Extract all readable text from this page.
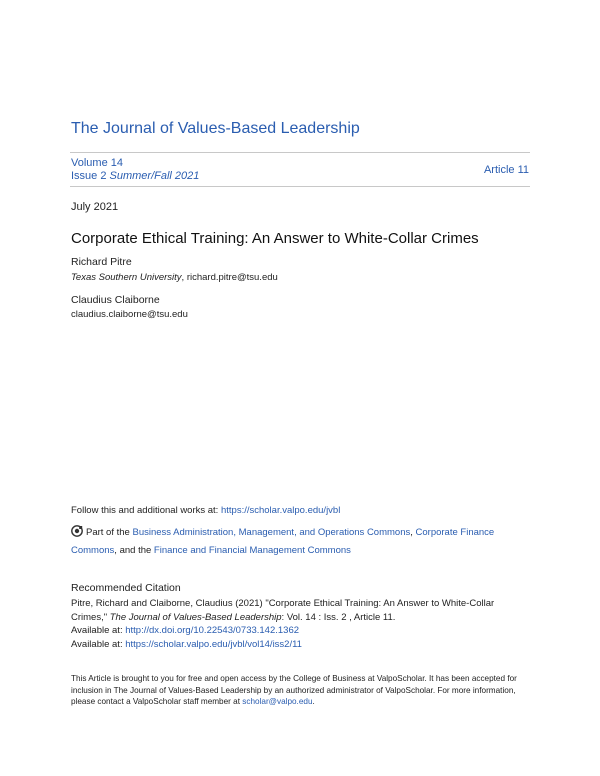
The Journal of Values-Based Leadership
Volume 14
Issue 2 Summer/Fall 2021	Article 11
July 2021
Corporate Ethical Training: An Answer to White-Collar Crimes
Richard Pitre
Texas Southern University, richard.pitre@tsu.edu
Claudius Claiborne
claudius.claiborne@tsu.edu
Follow this and additional works at: https://scholar.valpo.edu/jvbl
Part of the Business Administration, Management, and Operations Commons, Corporate Finance Commons, and the Finance and Financial Management Commons
Recommended Citation
Pitre, Richard and Claiborne, Claudius (2021) "Corporate Ethical Training: An Answer to White-Collar Crimes," The Journal of Values-Based Leadership: Vol. 14 : Iss. 2 , Article 11.
Available at: http://dx.doi.org/10.22543/0733.142.1362
Available at: https://scholar.valpo.edu/jvbl/vol14/iss2/11
This Article is brought to you for free and open access by the College of Business at ValpoScholar. It has been accepted for inclusion in The Journal of Values-Based Leadership by an authorized administrator of ValpoScholar. For more information, please contact a ValpoScholar staff member at scholar@valpo.edu.
